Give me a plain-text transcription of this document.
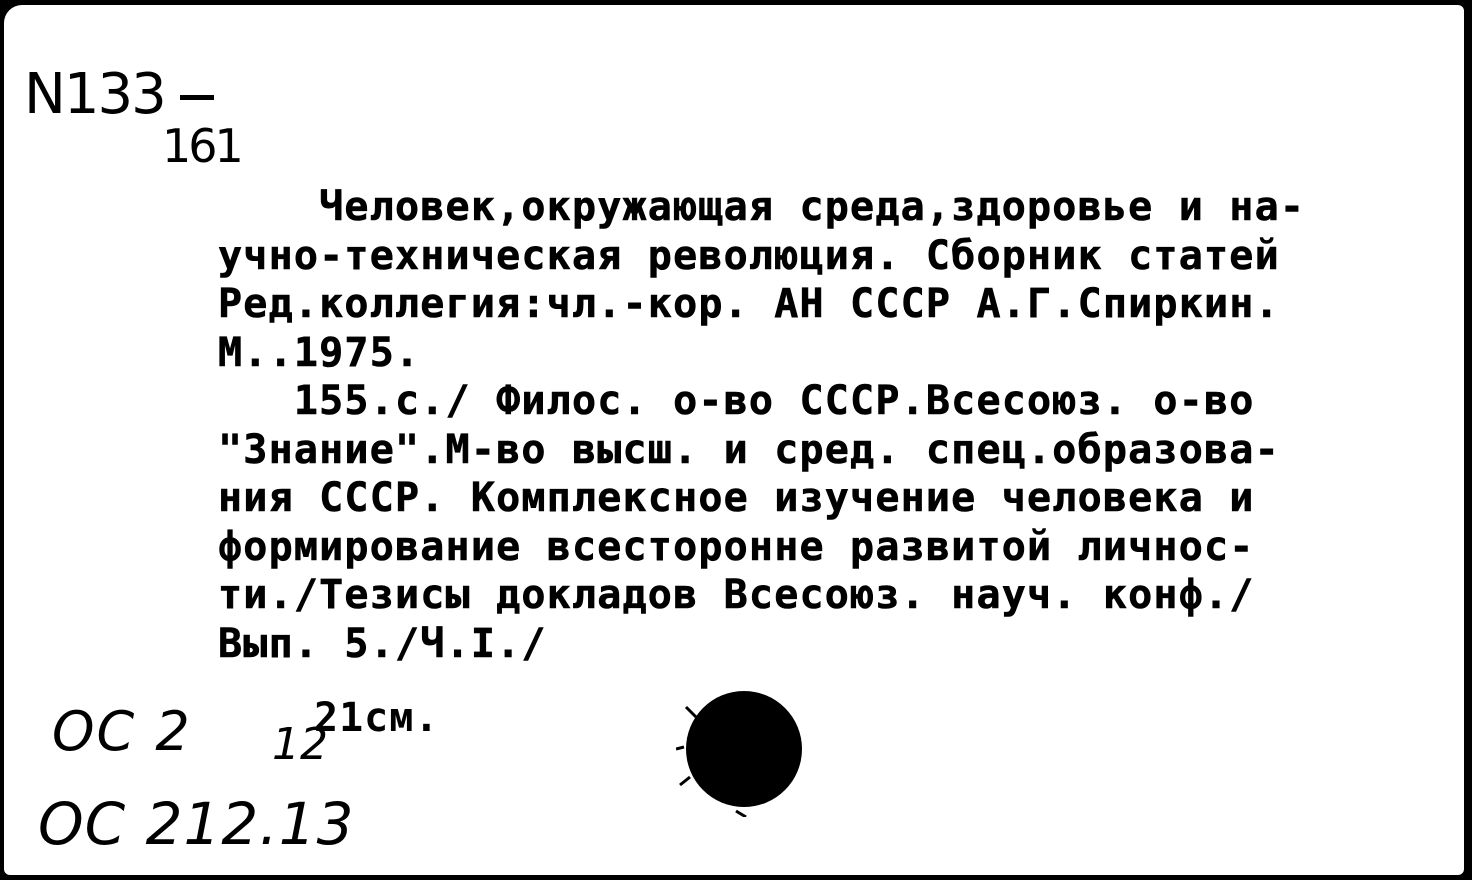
N133
161
Человек,окружающая среда,здоровье и на-
учно-техническая революция. Сборник статей
Ред.коллегия:чл.-кор. АН СССР А.Г.Спиркин.
М..1975.
155.с./ Филос. о-во СССР.Всесоюз. о-во
"Знание".М-во высш. и сред. спец.образова-
ния СССР. Комплексное изучение человека и
формирование всесторонне развитой личнос-
ти./Тезисы докладов Всесоюз. науч. конф./
Вып. 5./Ч.I./
21см.
ОС 2 12
ОС 212.13
